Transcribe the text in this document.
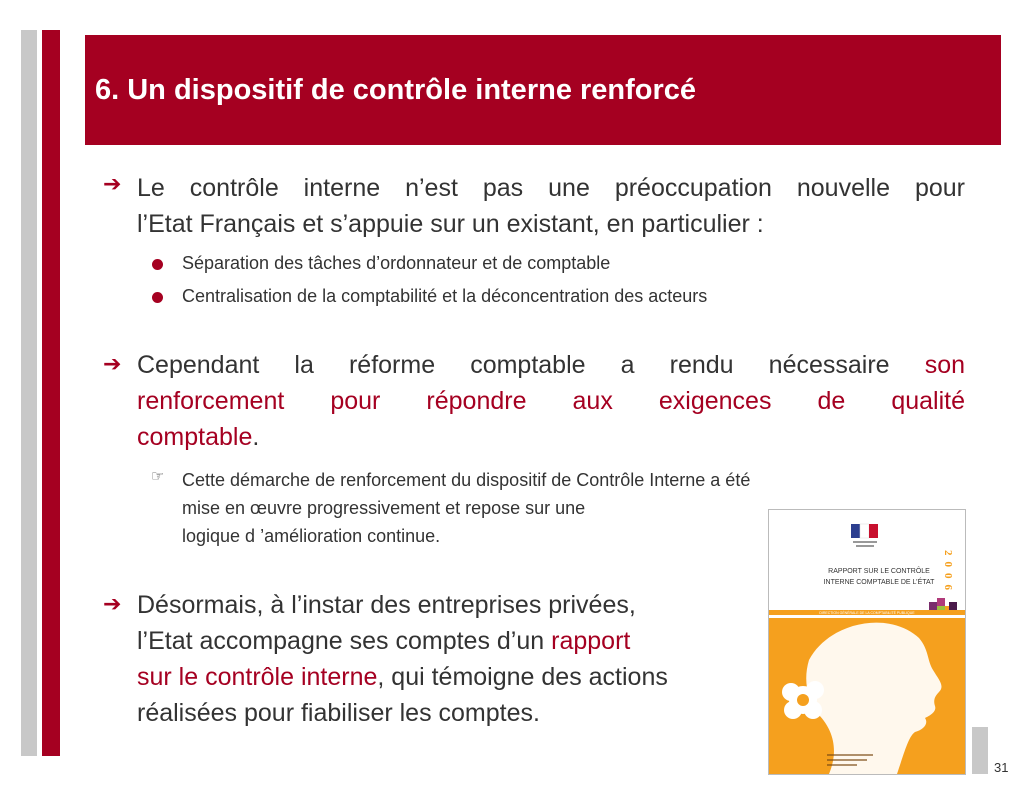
6. Un dispositif de contrôle interne renforcé
➔ Le contrôle interne n’est pas une préoccupation nouvelle pour
l’Etat Français et s’appuie sur un existant, en particulier :
Séparation des tâches d’ordonnateur et de comptable
Centralisation de la comptabilité et la déconcentration des acteurs
➔ Cependant la réforme comptable a rendu nécessaire son
renforcement pour répondre aux exigences de qualité
comptable.
☞ Cette démarche de renforcement du dispositif de Contrôle Interne a été
mise en œuvre progressivement et repose sur une
logique d ’amélioration continue.
➔ Désormais, à l’instar des entreprises privées,
l’Etat accompagne ses comptes d’un rapport
sur le contrôle interne, qui témoigne des actions
réalisées pour fiabiliser les comptes.
RAPPORT SUR LE CONTRÔLE
INTERNE COMPTABLE DE L’ÉTAT 2006
DIRECTION GÉNÉRALE DE LA COMPTABILITÉ PUBLIQUE
31
